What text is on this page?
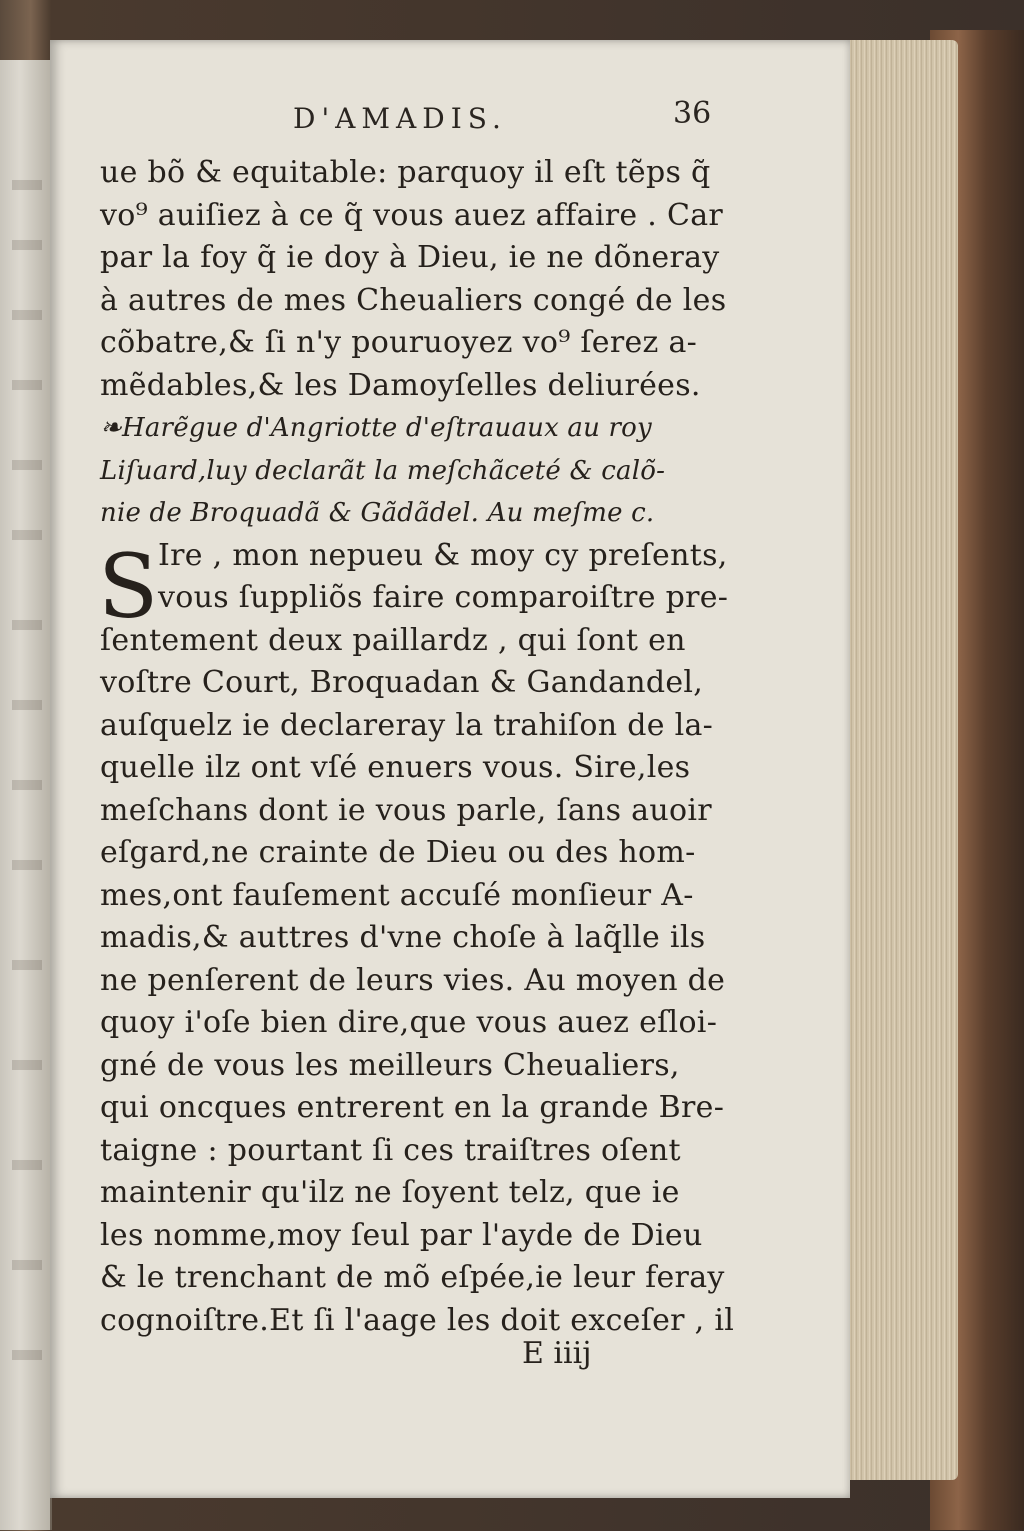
D'AMADIS.	36
ue bõ & equitable: parquoy il eſt tẽps q̃
vo⁹ auiſiez à ce q̃ vous auez affaire . Car
par la foy q̃ ie doy à Dieu, ie ne dõneray
à autres de mes Cheualiers congé de les
cõbatre,& ſi n'y pouruoyez vo⁹ ſerez a-
mẽdables,& les Damoyſelles deliurées.
❧Harẽgue d'Angriotte d'eſtrauaux au roy
Liſuard,luy declarãt la meſchãceté & calõ-
nie de Broquadã & Gãdãdel. Au meſme c.
S Ire , mon nepueu & moy cy preſents,
vous ſuppliõs faire comparoiſtre pre-
ſentement deux paillardz , qui ſont en
voſtre Court, Broquadan & Gandandel,
auſquelz ie declareray la trahiſon de la-
quelle ilz ont vſé enuers vous. Sire,les
meſchans dont ie vous parle, ſans auoir
eſgard,ne crainte de Dieu ou des hom-
mes,ont fauſement accuſé monſieur A-
madis,& auttres d'vne choſe à laq̃lle ils
ne penſerent de leurs vies. Au moyen de
quoy i'oſe bien dire,que vous auez eſloi-
gné de vous les meilleurs Cheualiers,
qui oncques entrerent en la grande Bre-
taigne : pourtant ſi ces traiſtres oſent
maintenir qu'ilz ne ſoyent telz, que ie
les nomme,moy ſeul par l'ayde de Dieu
& le trenchant de mõ eſpée,ie leur feray
cognoiſtre.Et ſi l'aage les doit exceſer , il
E iiij
